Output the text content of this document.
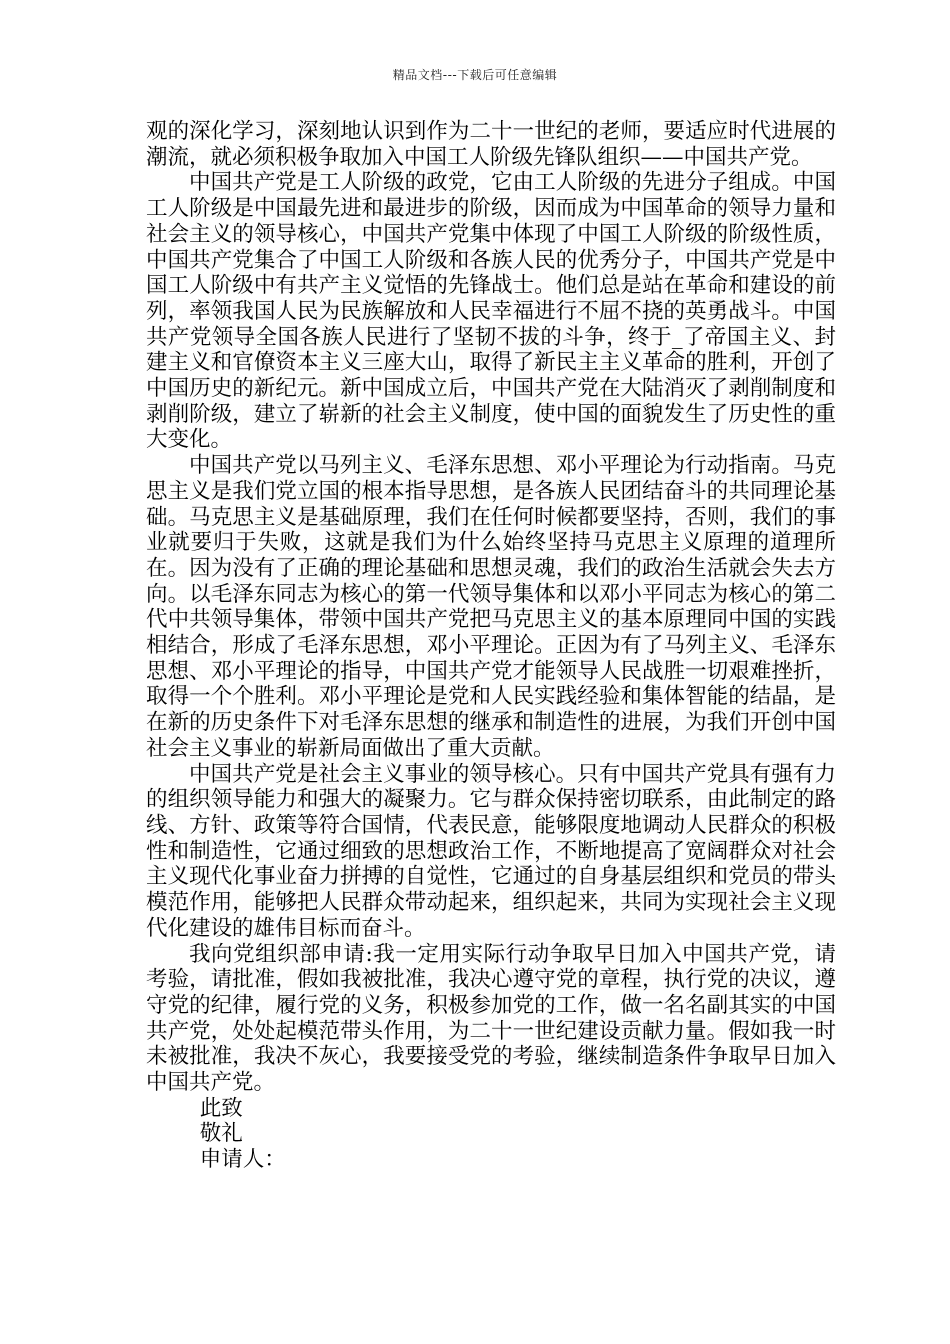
精品文档---下载后可任意编辑

观的深化学习，深刻地认识到作为二十一世纪的老师，要适应时代进展的潮流，就必须积极争取加入中国工人阶级先锋队组织——中国共产党。

中国共产党是工人阶级的政党，它由工人阶级的先进分子组成。中国工人阶级是中国最先进和最进步的阶级，因而成为中国革命的领导力量和社会主义的领导核心，中国共产党集中体现了中国工人阶级的阶级性质，中国共产党集合了中国工人阶级和各族人民的优秀分子，中国共产党是中国工人阶级中有共产主义觉悟的先锋战士。他们总是站在革命和建设的前列，率领我国人民为民族解放和人民幸福进行不屈不挠的英勇战斗。中国共产党领导全国各族人民进行了坚韧不拔的斗争，终于_了帝国主义、封建主义和官僚资本主义三座大山，取得了新民主主义革命的胜利，开创了中国历史的新纪元。新中国成立后，中国共产党在大陆消灭了剥削制度和剥削阶级，建立了崭新的社会主义制度，使中国的面貌发生了历史性的重大变化。

中国共产党以马列主义、毛泽东思想、邓小平理论为行动指南。马克思主义是我们党立国的根本指导思想，是各族人民团结奋斗的共同理论基础。马克思主义是基础原理，我们在任何时候都要坚持，否则，我们的事业就要归于失败，这就是我们为什么始终坚持马克思主义原理的道理所在。因为没有了正确的理论基础和思想灵魂，我们的政治生活就会失去方向。以毛泽东同志为核心的第一代领导集体和以邓小平同志为核心的第二代中共领导集体，带领中国共产党把马克思主义的基本原理同中国的实践相结合，形成了毛泽东思想，邓小平理论。正因为有了马列主义、毛泽东思想、邓小平理论的指导，中国共产党才能领导人民战胜一切艰难挫折，取得一个个胜利。邓小平理论是党和人民实践经验和集体智能的结晶，是在新的历史条件下对毛泽东思想的继承和制造性的进展，为我们开创中国社会主义事业的崭新局面做出了重大贡献。

中国共产党是社会主义事业的领导核心。只有中国共产党具有强有力的组织领导能力和强大的凝聚力。它与群众保持密切联系，由此制定的路线、方针、政策等符合国情，代表民意，能够限度地调动人民群众的积极性和制造性，它通过细致的思想政治工作，不断地提高了宽阔群众对社会主义现代化事业奋力拼搏的自觉性，它通过的自身基层组织和党员的带头模范作用，能够把人民群众带动起来，组织起来，共同为实现社会主义现代化建设的雄伟目标而奋斗。

我向党组织部申请:我一定用实际行动争取早日加入中国共产党，请考验，请批准，假如我被批准，我决心遵守党的章程，执行党的决议，遵守党的纪律，履行党的义务，积极参加党的工作，做一名名副其实的中国共产党，处处起模范带头作用，为二十一世纪建设贡献力量。假如我一时未被批准，我决不灰心，我要接受党的考验，继续制造条件争取早日加入中国共产党。

此致

敬礼

申请人：
